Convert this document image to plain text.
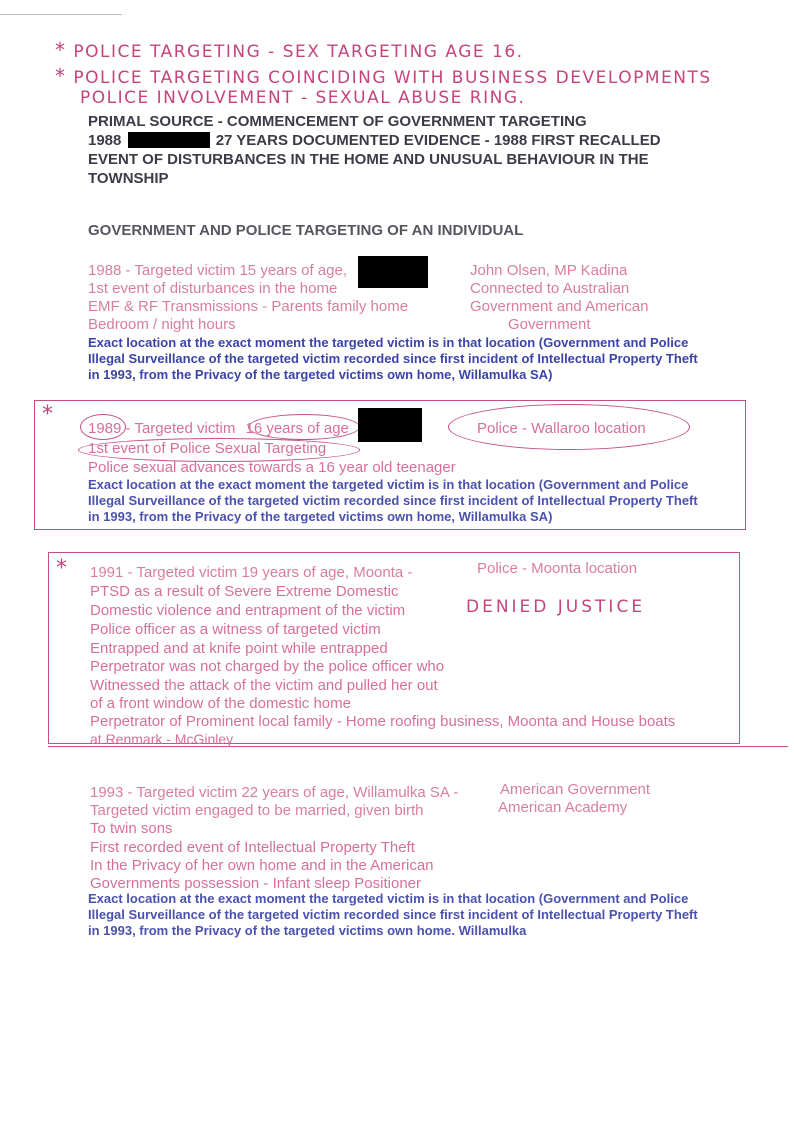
* POLICE TARGETING - SEX TARGETING AGE 16.
* POLICE TARGETING COINCIDING WITH BUSINESS DEVELOPMENTS
POLICE INVOLVEMENT - SEXUAL ABUSE RING.
PRIMAL SOURCE - COMMENCEMENT OF GOVERNMENT TARGETING
1988	27 YEARS DOCUMENTED EVIDENCE - 1988 FIRST RECALLED
EVENT OF DISTURBANCES IN THE HOME AND UNUSUAL BEHAVIOUR IN THE
TOWNSHIP
GOVERNMENT AND POLICE TARGETING OF AN INDIVIDUAL
1988 - Targeted victim 15 years of age,
1st event of disturbances in the home
EMF & RF Transmissions - Parents family home
Bedroom / night hours
John Olsen, MP Kadina
Connected to Australian
Government and American
Government
Exact location at the exact moment the targeted victim is in that location (Government and Police
Illegal Surveillance of the targeted victim recorded since first incident of Intellectual Property Theft
in 1993, from the Privacy of the targeted victims own home, Willamulka SA)
*
1989 - Targeted victim 16 years of age	Police - Wallaroo location
1st event of Police Sexual Targeting
Police sexual advances towards a 16 year old teenager
Exact location at the exact moment the targeted victim is in that location (Government and Police
Illegal Surveillance of the targeted victim recorded since first incident of Intellectual Property Theft
in 1993, from the Privacy of the targeted victims own home, Willamulka SA)
* 1991 - Targeted victim 19 years of age, Moonta -	Police - Moonta location
PTSD as a result of Severe Extreme Domestic
Domestic violence and entrapment of the victim	DENIED JUSTICE
Police officer as a witness of targeted victim
Entrapped and at knife point while entrapped
Perpetrator was not charged by the police officer who
Witnessed the attack of the victim and pulled her out
of a front window of the domestic home
Perpetrator of Prominent local family - Home roofing business, Moonta and House boats
at Renmark - McGinley
1993 - Targeted victim 22 years of age, Willamulka SA -	American Government
American Academy
Targeted victim engaged to be married, given birth
To twin sons
First recorded event of Intellectual Property Theft
In the Privacy of her own home and in the American
Governments possession - Infant sleep Positioner
Exact location at the exact moment the targeted victim is in that location (Government and Police
Illegal Surveillance of the targeted victim recorded since first incident of Intellectual Property Theft
in 1993, from the Privacy of the targeted victims own home. Willamulka
